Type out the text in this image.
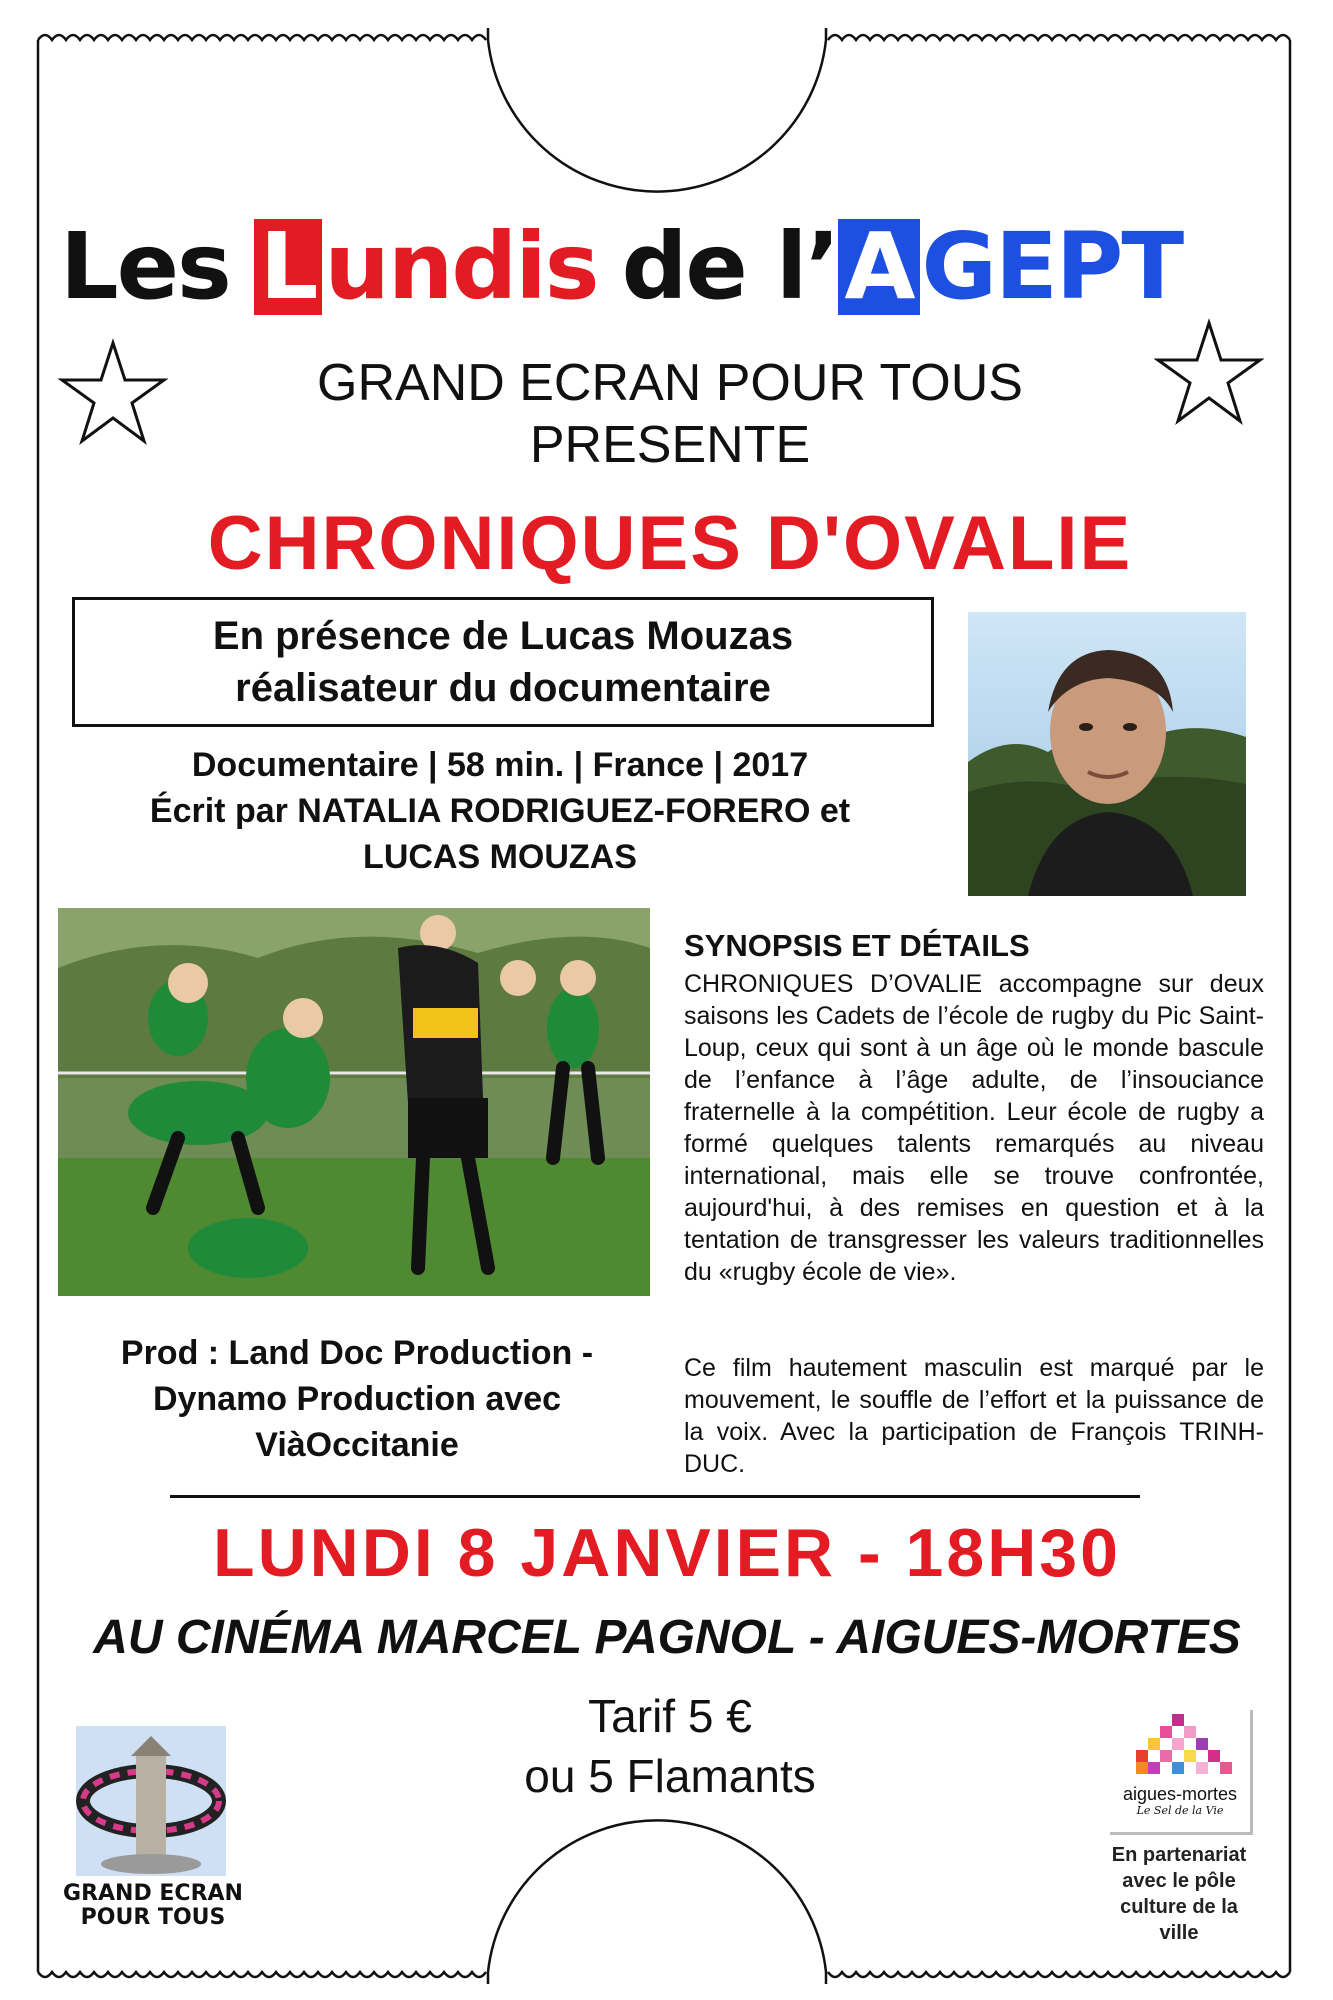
Les L undis de l’ A GEPT
GRAND ECRAN POUR TOUS
PRESENTE
CHRONIQUES D'OVALIE
En présence de Lucas Mouzas
réalisateur du documentaire
Documentaire | 58 min. | France | 2017
Écrit par NATALIA RODRIGUEZ-FORERO et
LUCAS MOUZAS
Prod : Land Doc Production -
Dynamo Production avec
ViàOccitanie
SYNOPSIS ET DÉTAILS
CHRONIQUES D’OVALIE accompagne sur deux saisons les Cadets de l’école de rugby du Pic Saint-Loup, ceux qui sont à un âge où le monde bascule de l’enfance à l’âge adulte, de l’insouciance fraternelle à la compétition. Leur école de rugby a formé quelques talents remarqués au niveau international, mais elle se trouve confrontée, aujourd'hui, à des remises en question et à la tentation de transgresser les valeurs traditionnelles du «rugby école de vie».
Ce film hautement masculin est marqué par le mouvement, le souffle de l’effort et la puissance de la voix. Avec la participation de François TRINH-DUC.
LUNDI 8 JANVIER - 18H30
AU CINÉMA MARCEL PAGNOL - AIGUES-MORTES
Tarif 5 €
ou 5 Flamants
GRAND ECRAN
POUR TOUS
aigues-mortes
Le Sel de la Vie
En partenariat
avec le pôle
culture de la
ville
